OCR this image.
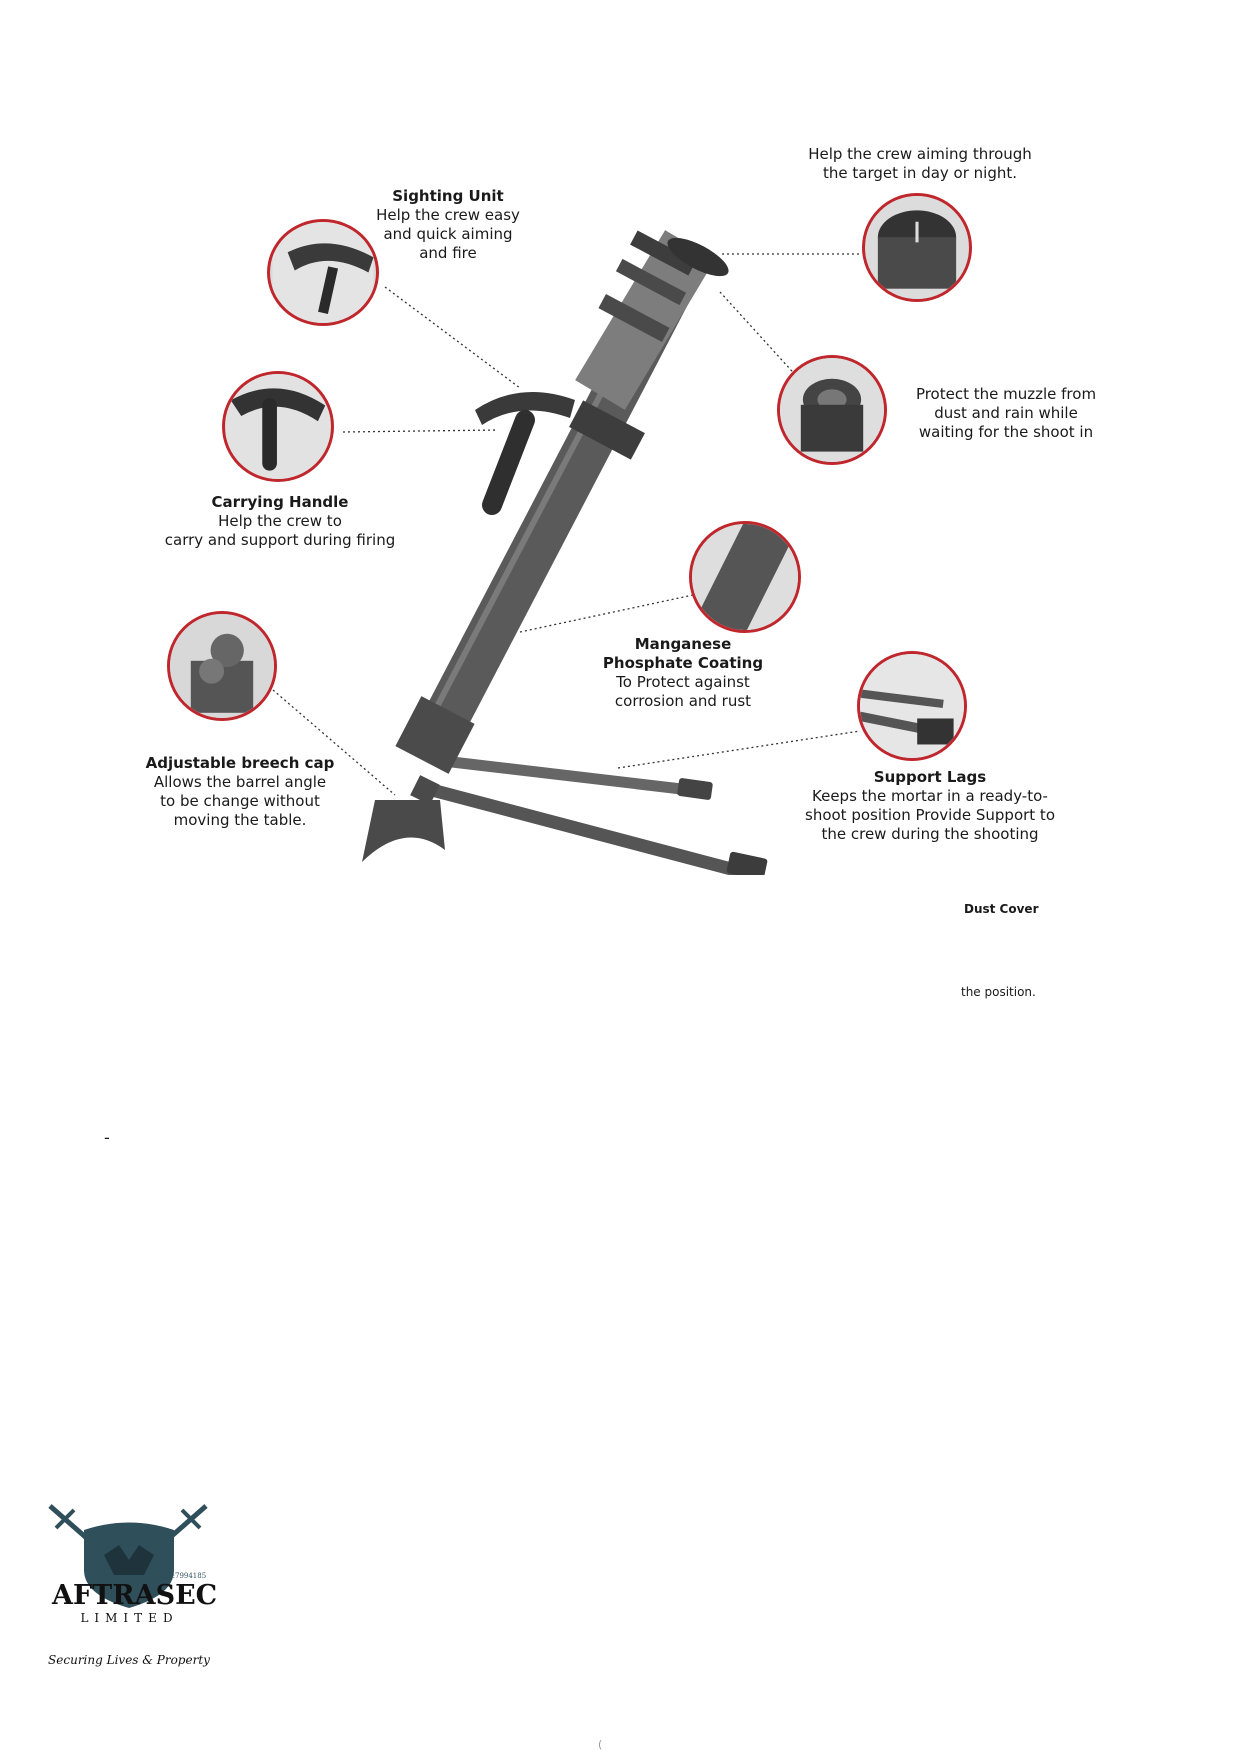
Sighting Unit
Help the crew easy
and quick aiming
and fire
Help the crew aiming through
the target in day or night.
Protect the muzzle from
dust and rain while
waiting for the shoot in
Carrying Handle
Help the crew to
carry and support during firing
Manganese
Phosphate Coating
To Protect against
corrosion and rust
Adjustable breech cap
Allows the barrel angle
to be change without
moving the table.
Support Lags
Keeps the mortar in a ready-to-
shoot position Provide Support to
the crew during the shooting
Dust Cover
the position.
-
(
RC:7994185
AFTRASEC
LIMITED
Securing Lives & Property
